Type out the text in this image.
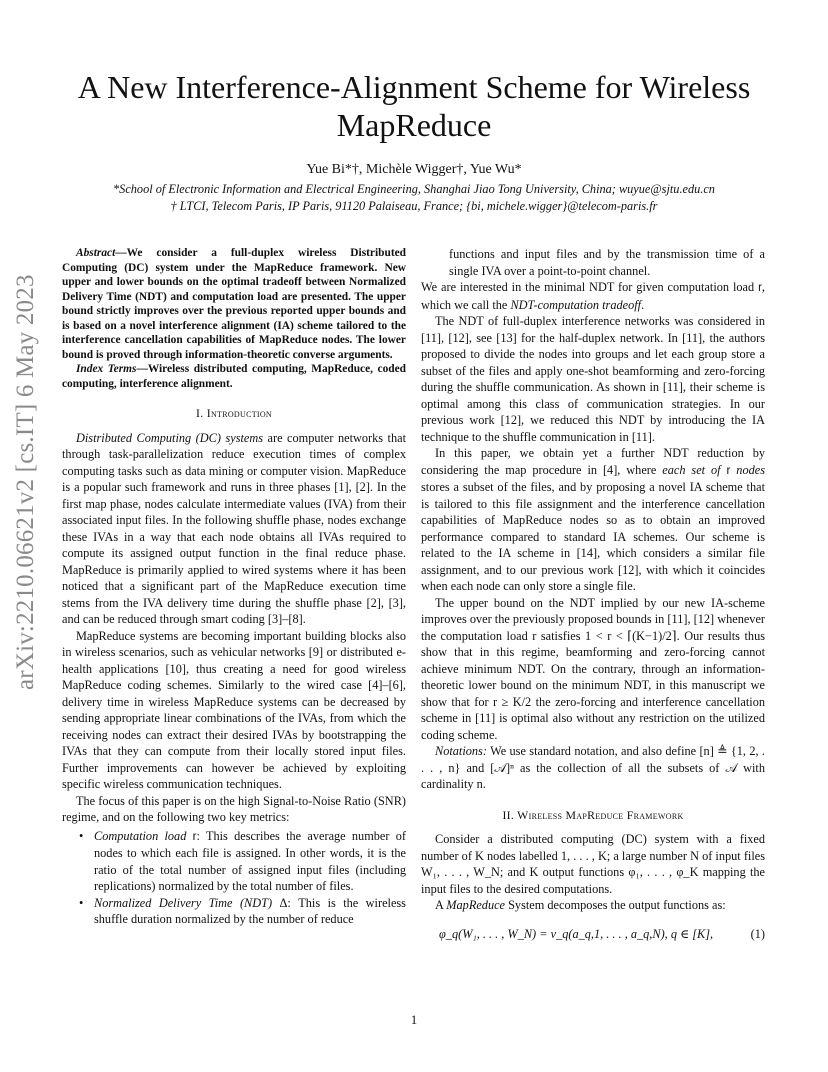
arXiv:2210.06621v2 [cs.IT] 6 May 2023
A New Interference-Alignment Scheme for Wireless MapReduce
Yue Bi*†, Michèle Wigger†, Yue Wu*
*School of Electronic Information and Electrical Engineering, Shanghai Jiao Tong University, China; wuyue@sjtu.edu.cn
† LTCI, Telecom Paris, IP Paris, 91120 Palaiseau, France; {bi, michele.wigger}@telecom-paris.fr

Abstract—We consider a full-duplex wireless Distributed Computing (DC) system under the MapReduce framework. New upper and lower bounds on the optimal tradeoff between Normalized Delivery Time (NDT) and computation load are presented. The upper bound strictly improves over the previous reported upper bounds and is based on a novel interference alignment (IA) scheme tailored to the interference cancellation capabilities of MapReduce nodes. The lower bound is proved through information-theoretic converse arguments.

Index Terms—Wireless distributed computing, MapReduce, coded computing, interference alignment.

I. Introduction

Distributed Computing (DC) systems are computer networks that through task-parallelization reduce execution times of complex computing tasks such as data mining or computer vision. MapReduce is a popular such framework and runs in three phases [1], [2]. In the first map phase, nodes calculate intermediate values (IVA) from their associated input files. In the following shuffle phase, nodes exchange these IVAs in a way that each node obtains all IVAs required to compute its assigned output function in the final reduce phase. MapReduce is primarily applied to wired systems where it has been noticed that a significant part of the MapReduce execution time stems from the IVA delivery time during the shuffle phase [2], [3], and can be reduced through smart coding [3]–[8].

MapReduce systems are becoming important building blocks also in wireless scenarios, such as vehicular networks [9] or distributed e-health applications [10], thus creating a need for good wireless MapReduce coding schemes. Similarly to the wired case [4]–[6], delivery time in wireless MapReduce systems can be decreased by sending appropriate linear combinations of the IVAs, from which the receiving nodes can extract their desired IVAs by bootstrapping the IVAs that they can compute from their locally stored input files. Further improvements can however be achieved by exploiting specific wireless communication techniques.

The focus of this paper is on the high Signal-to-Noise Ratio (SNR) regime, and on the following two key metrics:

• Computation load r: This describes the average number of nodes to which each file is assigned. In other words, it is the ratio of the total number of assigned input files (including replications) normalized by the total number of files.
• Normalized Delivery Time (NDT) Δ: This is the wireless shuffle duration normalized by the number of reduce

functions and input files and by the transmission time of a single IVA over a point-to-point channel.

We are interested in the minimal NDT for given computation load r, which we call the NDT-computation tradeoff.

The NDT of full-duplex interference networks was considered in [11], [12], see [13] for the half-duplex network. In [11], the authors proposed to divide the nodes into groups and let each group store a subset of the files and apply one-shot beamforming and zero-forcing during the shuffle communication. As shown in [11], their scheme is optimal among this class of communication strategies. In our previous work [12], we reduced this NDT by introducing the IA technique to the shuffle communication in [11].

In this paper, we obtain yet a further NDT reduction by considering the map procedure in [4], where each set of r nodes stores a subset of the files, and by proposing a novel IA scheme that is tailored to this file assignment and the interference cancellation capabilities of MapReduce nodes so as to obtain an improved performance compared to standard IA schemes. Our scheme is related to the IA scheme in [14], which considers a similar file assignment, and to our previous work [12], with which it coincides when each node can only store a single file.

The upper bound on the NDT implied by our new IA-scheme improves over the previously proposed bounds in [11], [12] whenever the computation load r satisfies 1 < r < ⌈(K−1)/2⌉. Our results thus show that in this regime, beamforming and zero-forcing cannot achieve minimum NDT. On the contrary, through an information-theoretic lower bound on the minimum NDT, in this manuscript we show that for r ≥ K/2 the zero-forcing and interference cancellation scheme in [11] is optimal also without any restriction on the utilized coding scheme.

Notations: We use standard notation, and also define [n] ≜ {1, 2, . . . , n} and [𝒜]ⁿ as the collection of all the subsets of 𝒜 with cardinality n.

II. Wireless MapReduce Framework

Consider a distributed computing (DC) system with a fixed number of K nodes labelled 1, . . . , K; a large number N of input files W₁, . . . , W_N; and K output functions φ₁, . . . , φ_K mapping the input files to the desired computations.

A MapReduce System decomposes the output functions as:

φ_q(W₁, . . . , W_N) = v_q(a_q,1, . . . , a_q,N), q ∈ [K],	(1)
1
